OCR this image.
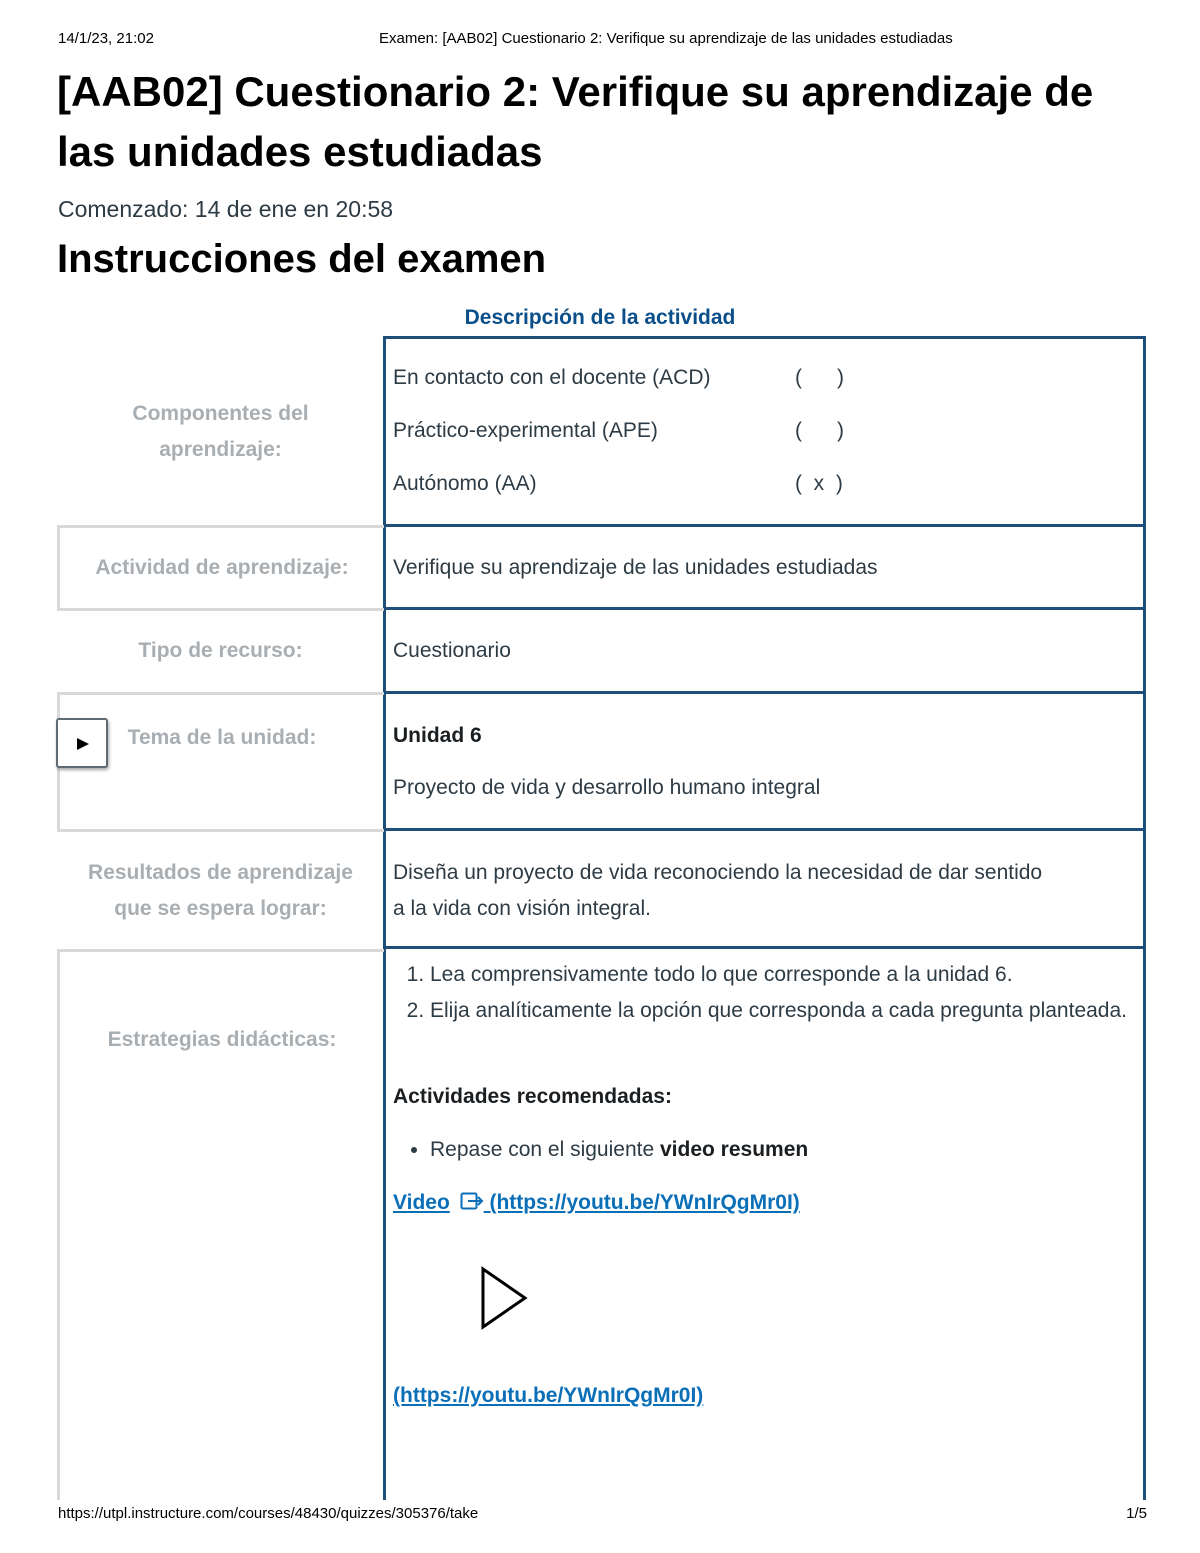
14/1/23, 21:02	Examen: [AAB02] Cuestionario 2: Verifique su aprendizaje de las unidades estudiadas
[AAB02] Cuestionario 2: Verifique su aprendizaje de las unidades estudiadas
Comenzado: 14 de ene en 20:58
Instrucciones del examen
Descripción de la actividad
Componentes del aprendizaje:
En contacto con el docente (ACD)	(      )
Práctico-experimental (APE)	(      )
Autónomo (AA)	(  x  )
Actividad de aprendizaje:	Verifique su aprendizaje de las unidades estudiadas
Tipo de recurso:	Cuestionario
Tema de la unidad:	Unidad 6
Proyecto de vida y desarrollo humano integral
Resultados de aprendizaje que se espera lograr:
Diseña un proyecto de vida reconociendo la necesidad de dar sentido
a la vida con visión integral.
Estrategias didácticas:
1. Lea comprensivamente todo lo que corresponde a la unidad 6.
2. Elija analíticamente la opción que corresponda a cada pregunta planteada.
Actividades recomendadas:
• Repase con el siguiente video resumen
Video  (https://youtu.be/YWnIrQgMr0I)
(https://youtu.be/YWnIrQgMr0I)
https://utpl.instructure.com/courses/48430/quizzes/305376/take	1/5
